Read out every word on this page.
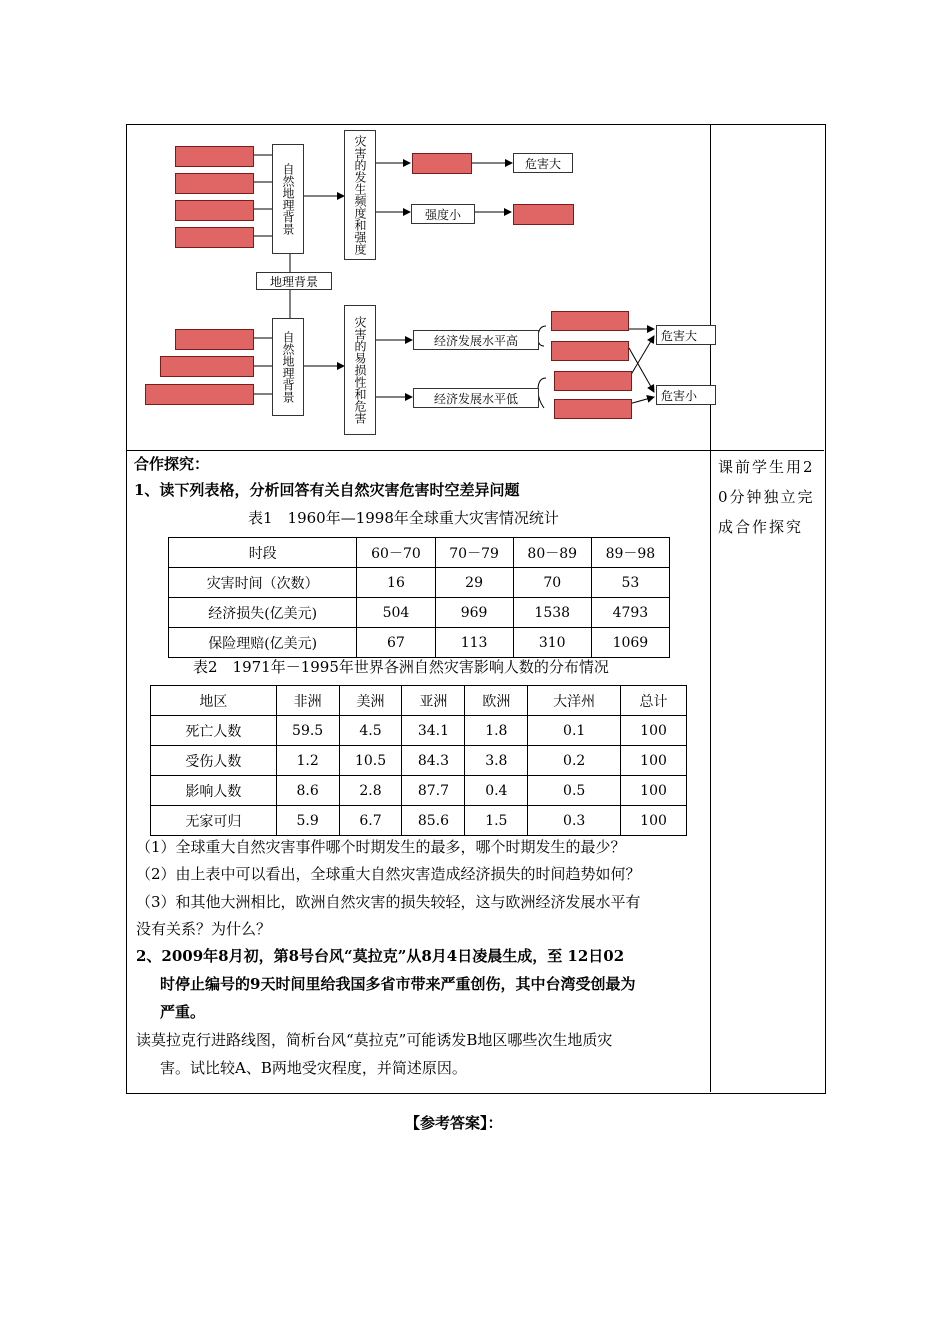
自然地理背景	灾害的发生频度和强度	危害大
强度小
地理背景
自然地理背景	灾害的易损性和危害	经济发展水平高
经济发展水平低
危害大
危害小
合作探究：
1、读下列表格，分析回答有关自然灾害危害时空差异问题
课前学生用20分钟独立完成合作探究
表1　1960年—1998年全球重大灾害情况统计
时段	60－70	70－79	80－89	89－98
灾害时间（次数）	16	29	70	53
经济损失(亿美元)	504	969	1538	4793
保险理赔(亿美元)	67	113	310	1069
表2　1971年－1995年世界各洲自然灾害影响人数的分布情况
地区	非洲	美洲	亚洲	欧洲	大洋州	总计
死亡人数	59.5	4.5	34.1	1.8	0.1	100
受伤人数	1.2	10.5	84.3	3.8	0.2	100
影响人数	8.6	2.8	87.7	0.4	0.5	100
无家可归	5.9	6.7	85.6	1.5	0.3	100
（1）全球重大自然灾害事件哪个时期发生的最多，哪个时期发生的最少？
（2）由上表中可以看出，全球重大自然灾害造成经济损失的时间趋势如何？
（3）和其他大洲相比，欧洲自然灾害的损失较轻，这与欧洲经济发展水平有
没有关系？为什么？
2、2009年8月初，第8号台风“莫拉克”从8月4日凌晨生成，至 12日02
时停止编号的9天时间里给我国多省市带来严重创伤，其中台湾受创最为
严重。
读莫拉克行进路线图，简析台风“莫拉克”可能诱发B地区哪些次生地质灾
害。试比较A、B两地受灾程度，并简述原因。
【参考答案】：
